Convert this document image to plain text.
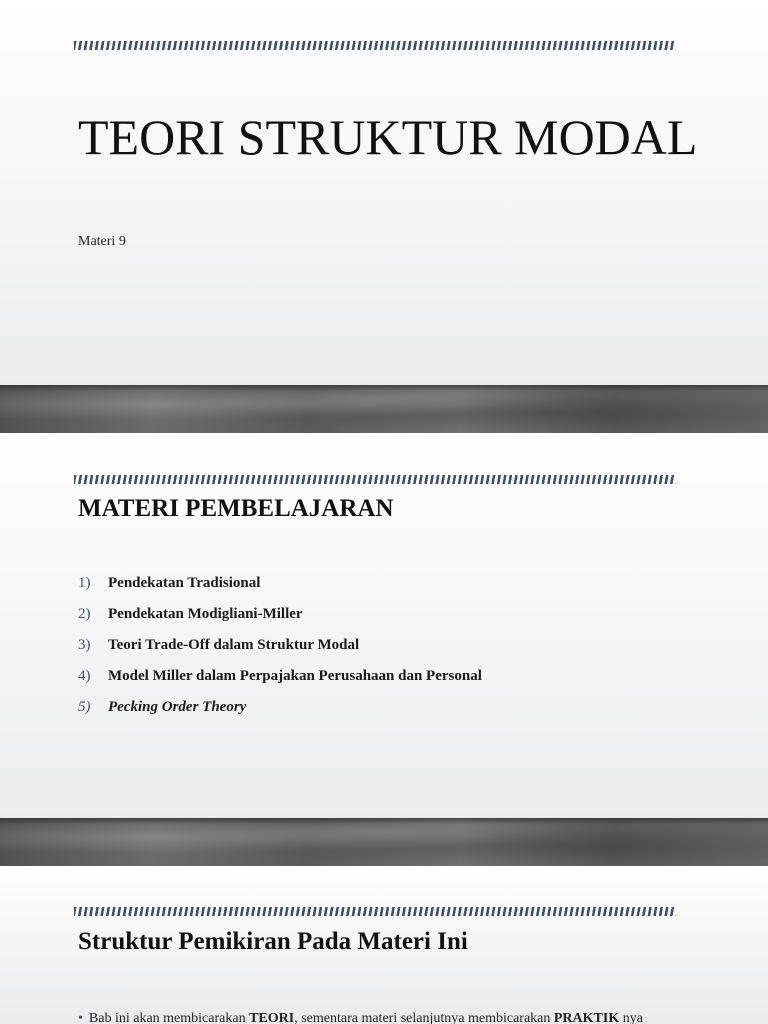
TEORI STRUKTUR MODAL

Materi 9

MATERI PEMBELAJARAN
1)	Pendekatan Tradisional
2)	Pendekatan Modigliani-Miller
3)	Teori Trade-Off dalam Struktur Modal
4)	Model Miller dalam Perpajakan Perusahaan dan Personal
5)	Pecking Order Theory
Struktur Pemikiran Pada Materi Ini
• Bab ini akan membicarakan TEORI, sementara materi selanjutnya membicarakan PRAKTIK nya
